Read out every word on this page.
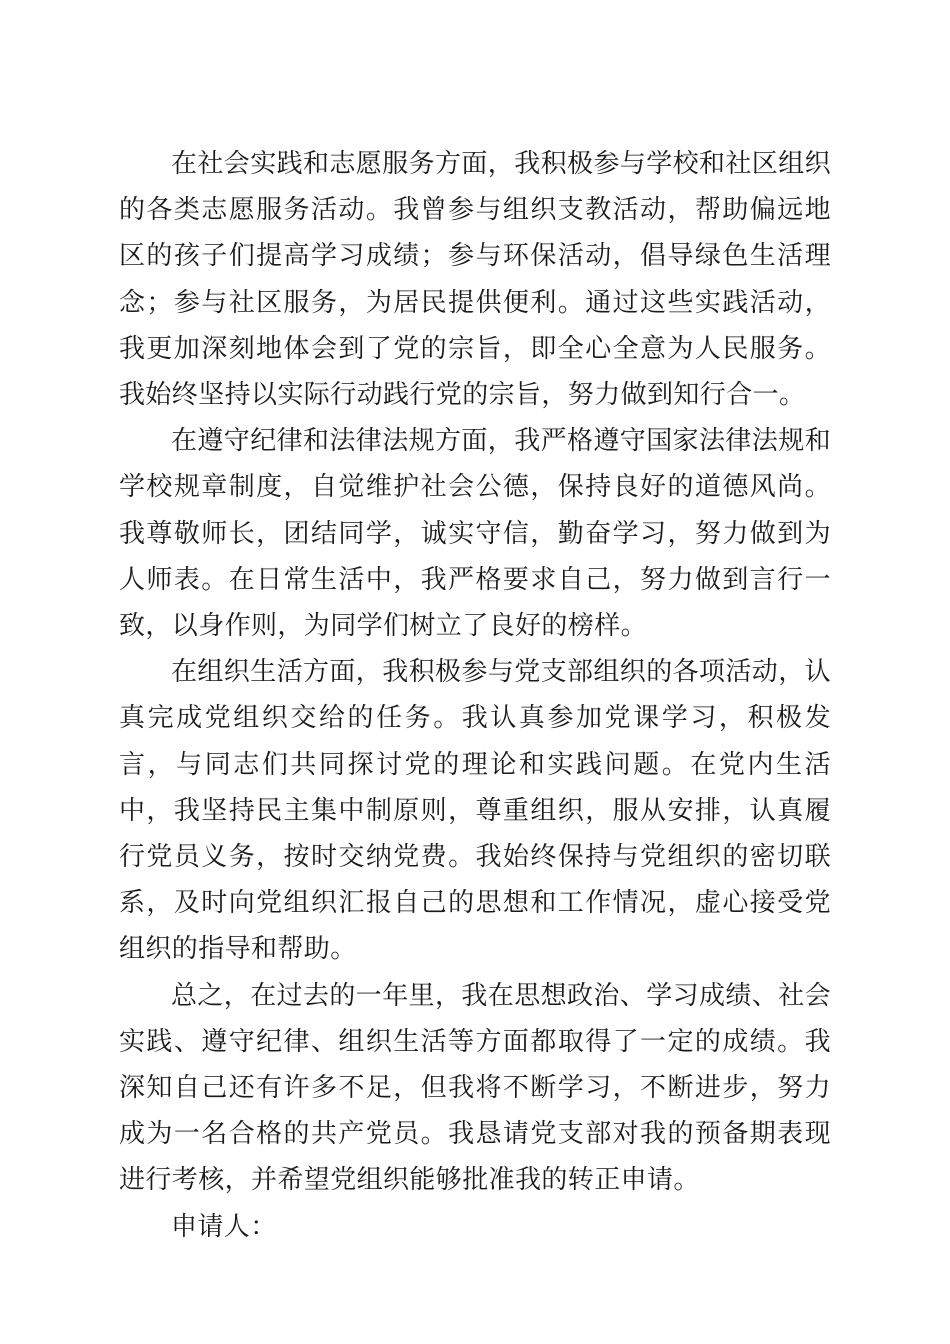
在社会实践和志愿服务方面，我积极参与学校和社区组织的各类志愿服务活动。我曾参与组织支教活动，帮助偏远地区的孩子们提高学习成绩；参与环保活动，倡导绿色生活理念；参与社区服务，为居民提供便利。通过这些实践活动，我更加深刻地体会到了党的宗旨，即全心全意为人民服务。我始终坚持以实际行动践行党的宗旨，努力做到知行合一。

在遵守纪律和法律法规方面，我严格遵守国家法律法规和学校规章制度，自觉维护社会公德，保持良好的道德风尚。我尊敬师长，团结同学，诚实守信，勤奋学习，努力做到为人师表。在日常生活中，我严格要求自己，努力做到言行一致，以身作则，为同学们树立了良好的榜样。

在组织生活方面，我积极参与党支部组织的各项活动，认真完成党组织交给的任务。我认真参加党课学习，积极发言，与同志们共同探讨党的理论和实践问题。在党内生活中，我坚持民主集中制原则，尊重组织，服从安排，认真履行党员义务，按时交纳党费。我始终保持与党组织的密切联系，及时向党组织汇报自己的思想和工作情况，虚心接受党组织的指导和帮助。

总之，在过去的一年里，我在思想政治、学习成绩、社会实践、遵守纪律、组织生活等方面都取得了一定的成绩。我深知自己还有许多不足，但我将不断学习，不断进步，努力成为一名合格的共产党员。我恳请党支部对我的预备期表现进行考核，并希望党组织能够批准我的转正申请。

申请人：
